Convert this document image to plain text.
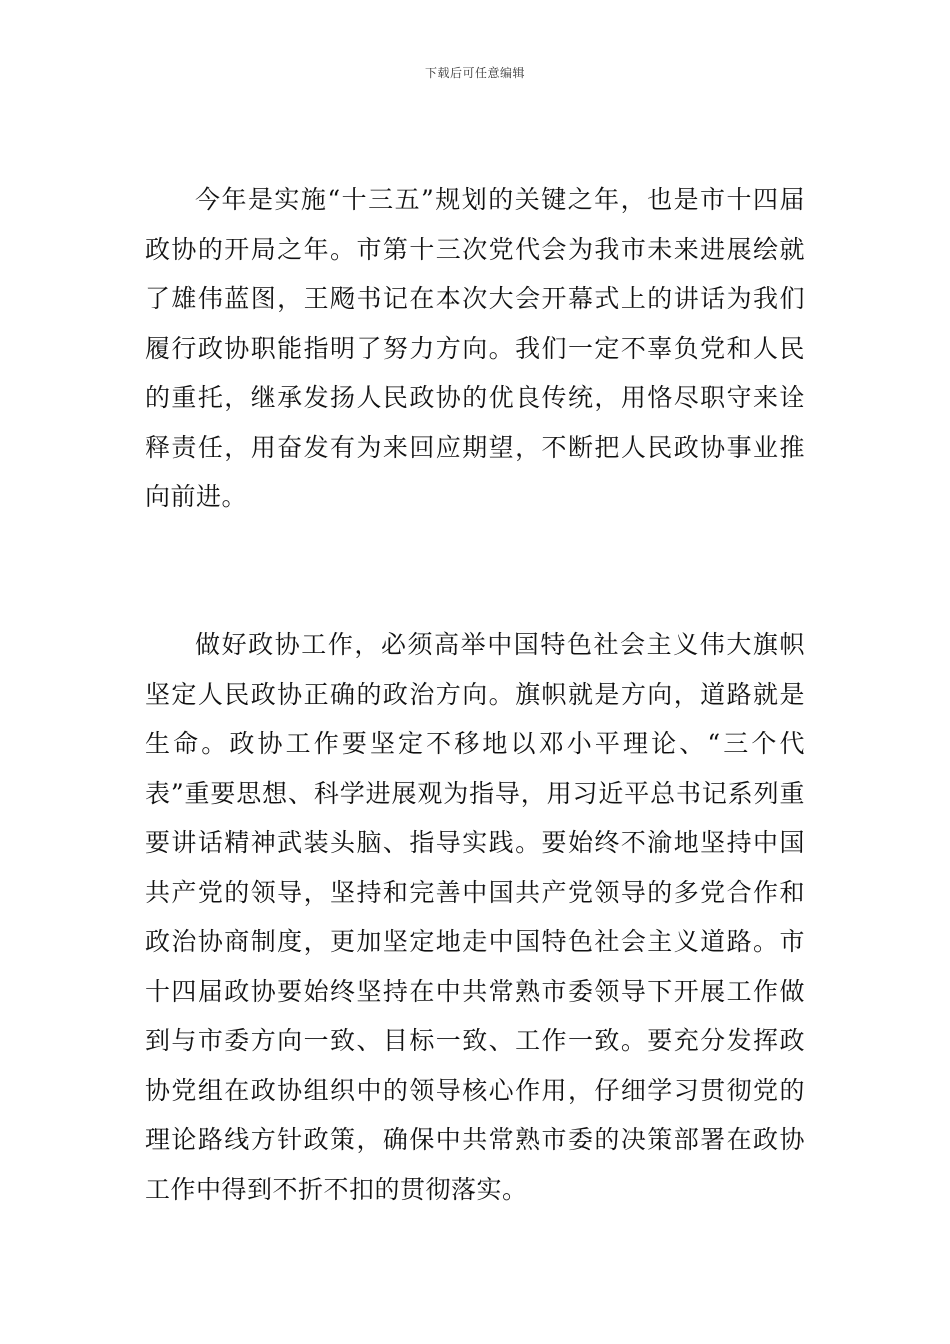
下载后可任意编辑

今年是实施“十三五”规划的关键之年，也是市十四届政协的开局之年。市第十三次党代会为我市未来进展绘就了雄伟蓝图，王飏书记在本次大会开幕式上的讲话为我们履行政协职能指明了努力方向。我们一定不辜负党和人民的重托，继承发扬人民政协的优良传统，用恪尽职守来诠释责任，用奋发有为来回应期望，不断把人民政协事业推向前进。

做好政协工作，必须高举中国特色社会主义伟大旗帜坚定人民政协正确的政治方向。旗帜就是方向，道路就是生命。政协工作要坚定不移地以邓小平理论、“三个代表”重要思想、科学进展观为指导，用习近平总书记系列重要讲话精神武装头脑、指导实践。要始终不渝地坚持中国共产党的领导，坚持和完善中国共产党领导的多党合作和政治协商制度，更加坚定地走中国特色社会主义道路。市十四届政协要始终坚持在中共常熟市委领导下开展工作做到与市委方向一致、目标一致、工作一致。要充分发挥政协党组在政协组织中的领导核心作用，仔细学习贯彻党的理论路线方针政策，确保中共常熟市委的决策部署在政协工作中得到不折不扣的贯彻落实。
